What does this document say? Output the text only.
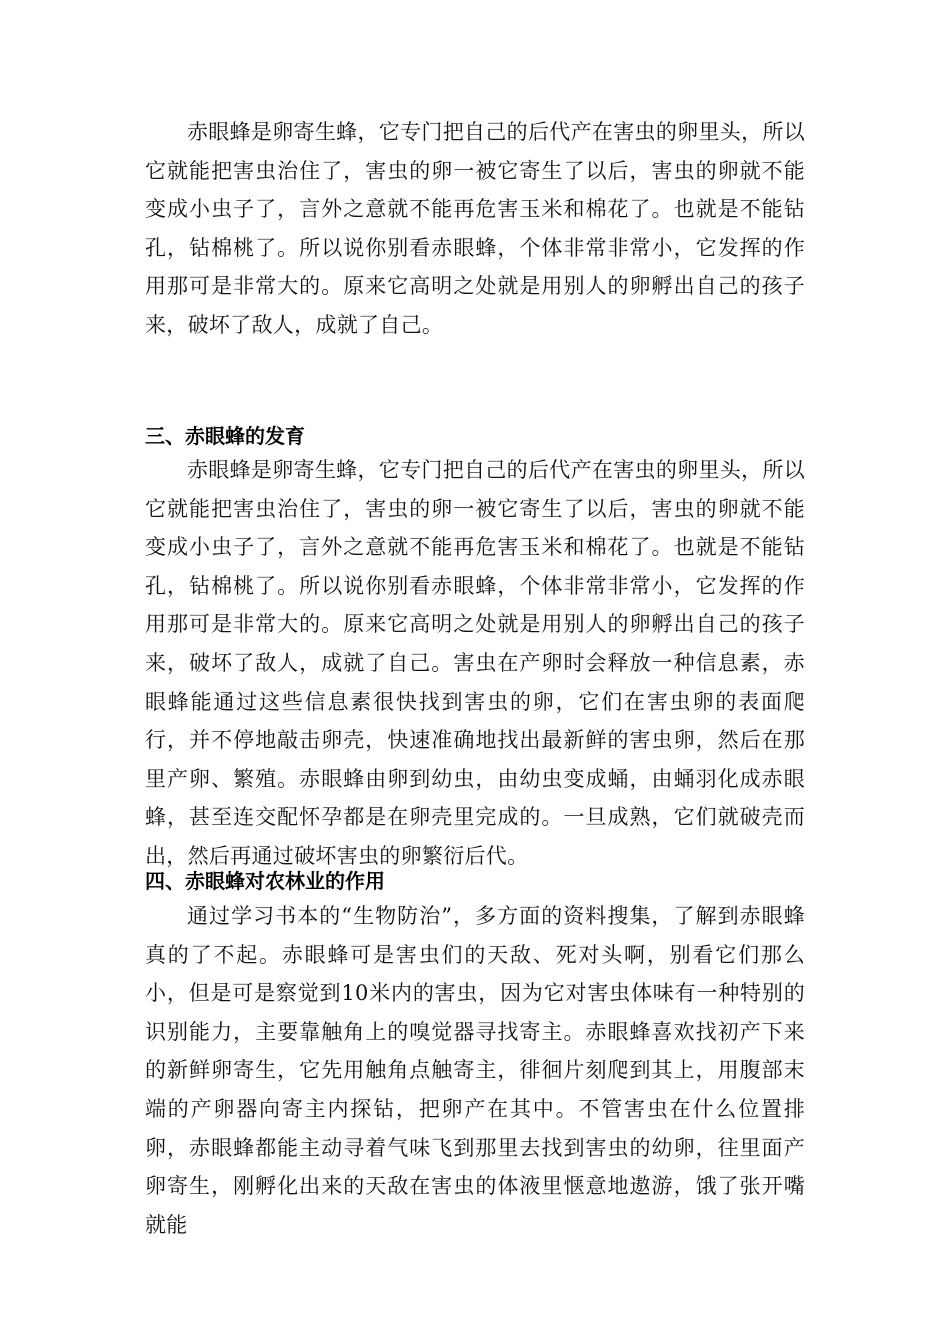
赤眼蜂是卵寄生蜂，它专门把自己的后代产在害虫的卵里头，所以它就能把害虫治住了，害虫的卵一被它寄生了以后，害虫的卵就不能变成小虫子了，言外之意就不能再危害玉米和棉花了。也就是不能钻孔，钻棉桃了。所以说你别看赤眼蜂，个体非常非常小，它发挥的作用那可是非常大的。原来它高明之处就是用别人的卵孵出自己的孩子来，破坏了敌人，成就了自己。

三、赤眼蜂的发育

赤眼蜂是卵寄生蜂，它专门把自己的后代产在害虫的卵里头，所以它就能把害虫治住了，害虫的卵一被它寄生了以后，害虫的卵就不能变成小虫子了，言外之意就不能再危害玉米和棉花了。也就是不能钻孔，钻棉桃了。所以说你别看赤眼蜂，个体非常非常小，它发挥的作用那可是非常大的。原来它高明之处就是用别人的卵孵出自己的孩子来，破坏了敌人，成就了自己。害虫在产卵时会释放一种信息素，赤眼蜂能通过这些信息素很快找到害虫的卵，它们在害虫卵的表面爬行，并不停地敲击卵壳，快速准确地找出最新鲜的害虫卵，然后在那里产卵、繁殖。赤眼蜂由卵到幼虫，由幼虫变成蛹，由蛹羽化成赤眼蜂，甚至连交配怀孕都是在卵壳里完成的。一旦成熟，它们就破壳而出，然后再通过破坏害虫的卵繁衍后代。

四、赤眼蜂对农林业的作用

通过学习书本的“生物防治”，多方面的资料搜集，了解到赤眼蜂真的了不起。赤眼蜂可是害虫们的天敌、死对头啊，别看它们那么小，但是可是察觉到10米内的害虫，因为它对害虫体味有一种特别的识别能力，主要靠触角上的嗅觉器寻找寄主。赤眼蜂喜欢找初产下来的新鲜卵寄生，它先用触角点触寄主，徘徊片刻爬到其上，用腹部末端的产卵器向寄主内探钻，把卵产在其中。不管害虫在什么位置排卵，赤眼蜂都能主动寻着气味飞到那里去找到害虫的幼卵，往里面产卵寄生，刚孵化出来的天敌在害虫的体液里惬意地遨游，饿了张开嘴就能
